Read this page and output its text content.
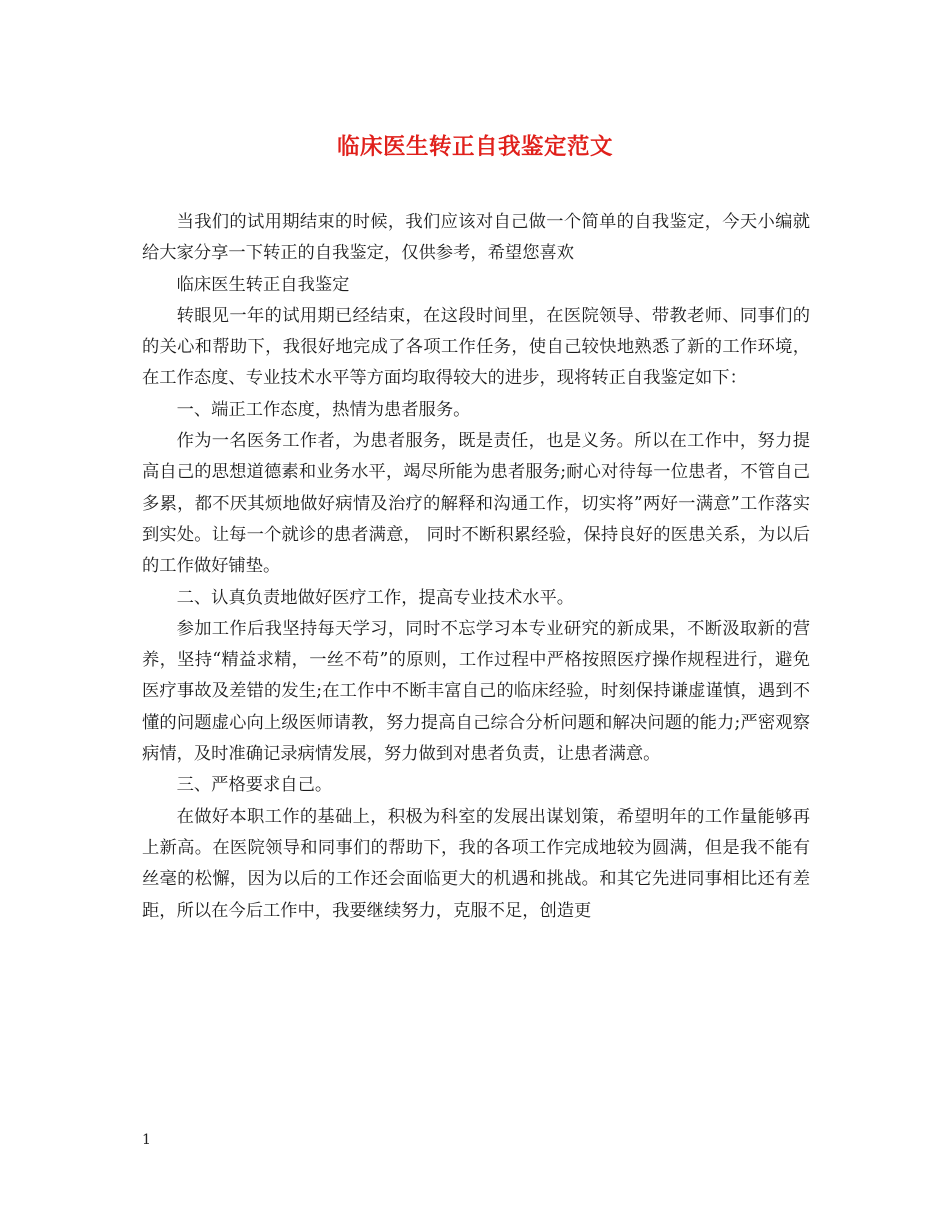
临床医生转正自我鉴定范文

当我们的试用期结束的时候，我们应该对自己做一个简单的自我鉴定，今天小编就给大家分享一下转正的自我鉴定，仅供参考，希望您喜欢

临床医生转正自我鉴定

转眼见一年的试用期已经结束，在这段时间里，在医院领导、带教老师、同事们的的关心和帮助下，我很好地完成了各项工作任务，使自己较快地熟悉了新的工作环境，在工作态度、专业技术水平等方面均取得较大的进步，现将转正自我鉴定如下：

一、端正工作态度，热情为患者服务。

作为一名医务工作者，为患者服务，既是责任，也是义务。所以在工作中，努力提高自己的思想道德素和业务水平，竭尽所能为患者服务;耐心对待每一位患者，不管自己多累，都不厌其烦地做好病情及治疗的解释和沟通工作，切实将”两好一满意”工作落实到实处。让每一个就诊的患者满意， 同时不断积累经验，保持良好的医患关系，为以后的工作做好铺垫。

二、认真负责地做好医疗工作，提高专业技术水平。

参加工作后我坚持每天学习，同时不忘学习本专业研究的新成果，不断汲取新的营养，坚持“精益求精，一丝不苟”的原则，工作过程中严格按照医疗操作规程进行，避免医疗事故及差错的发生;在工作中不断丰富自己的临床经验，时刻保持谦虚谨慎，遇到不懂的问题虚心向上级医师请教，努力提高自己综合分析问题和解决问题的能力;严密观察病情，及时准确记录病情发展，努力做到对患者负责，让患者满意。

三、严格要求自己。

在做好本职工作的基础上，积极为科室的发展出谋划策，希望明年的工作量能够再上新高。在医院领导和同事们的帮助下，我的各项工作完成地较为圆满，但是我不能有丝毫的松懈，因为以后的工作还会面临更大的机遇和挑战。和其它先进同事相比还有差距，所以在今后工作中，我要继续努力，克服不足，创造更

1
